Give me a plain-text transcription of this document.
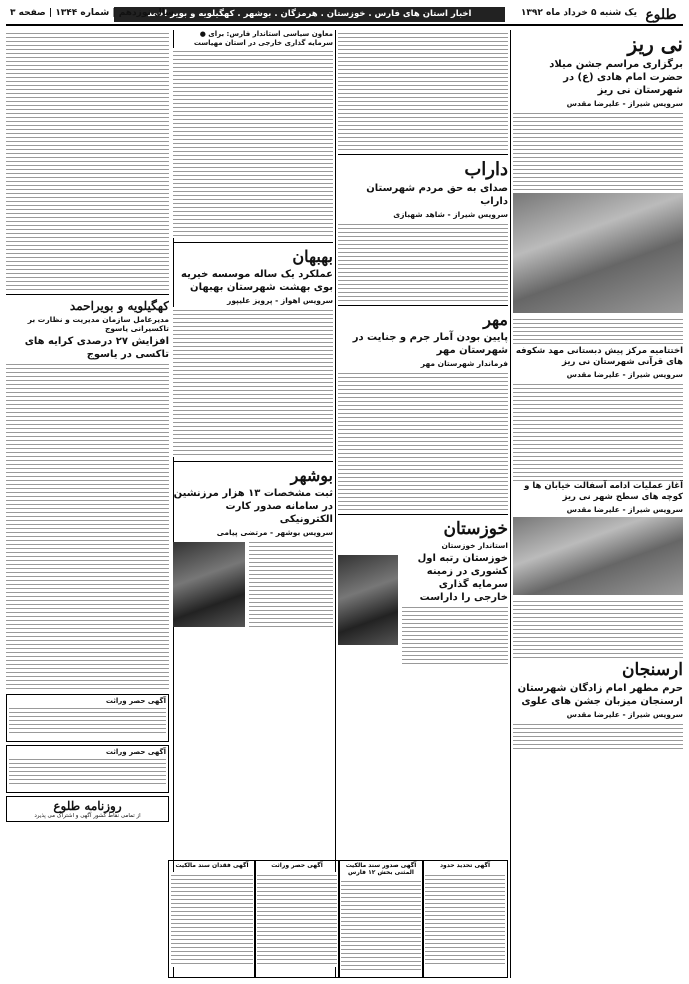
طلوع
یک شنبه ۵ خرداد ماه ۱۳۹۲
اخبار استان های فارس . خوزستان . هرمزگان . بوشهر . کهگیلویه و بویر احمد
سال نوزدهم | شماره ۱۳۴۴ | صفحه ۳
نی ریز
برگزاری مراسم جشن میلاد حضرت امام هادی (ع) در شهرستان نی ریز
سرویس شیراز - علیرضا مقدس
اختتامیه مرکز پیش دبستانی مهد شکوفه های قرآنی شهرستان نی ریز
سرویس شیراز - علیرضا مقدس
آغاز عملیات ادامه آسفالت خیابان ها و کوچه های سطح شهر نی ریز
سرویس شیراز - علیرضا مقدس
ارسنجان
حرم مطهر امام زادگان شهرستان ارسنجان میزبان جشن های علوی
سرویس شیراز - علیرضا مقدس
داراب
صدای به حق مردم شهرستان داراب
سرویس شیراز - شاهد شهبازی
مهر
پایین بودن آمار جرم و جنایت در شهرستان مهر
فرماندار شهرستان مهر
خوزستان
استاندار خوزستان
خوزستان رتبه اول کشوری در زمینه سرمایه گذاری خارجی را داراست
● معاون سیاسی استاندار فارس: برای سرمایه گذاری خارجی در استان مهیاست
بهبهان
عملکرد یک ساله موسسه خیریه بوی بهشت شهرستان بهبهان
سرویس اهواز - پرویز علیپور
بوشهر
ثبت مشخصات ۱۳ هزار مرزنشین در سامانه صدور کارت الکترونیکی
سرویس بوشهر - مرتضی پیامی
کهگیلویه و بویراحمد
مدیرعامل سازمان مدیریت و نظارت بر تاکسیرانی یاسوج
افزایش ۲۷ درصدی کرایه های تاکسی در یاسوج
آگهی حصر وراثت
آگهی حصر وراثت
روزنامه طلوع
از تمامی نقاط کشور آگهی و اشتراک می پذیرد
آگهی تحدید حدود
آگهی صدور سند مالکیت المثنی بخش ۱۲ فارس
آگهی حصر وراثت
آگهی فقدان سند مالکیت
